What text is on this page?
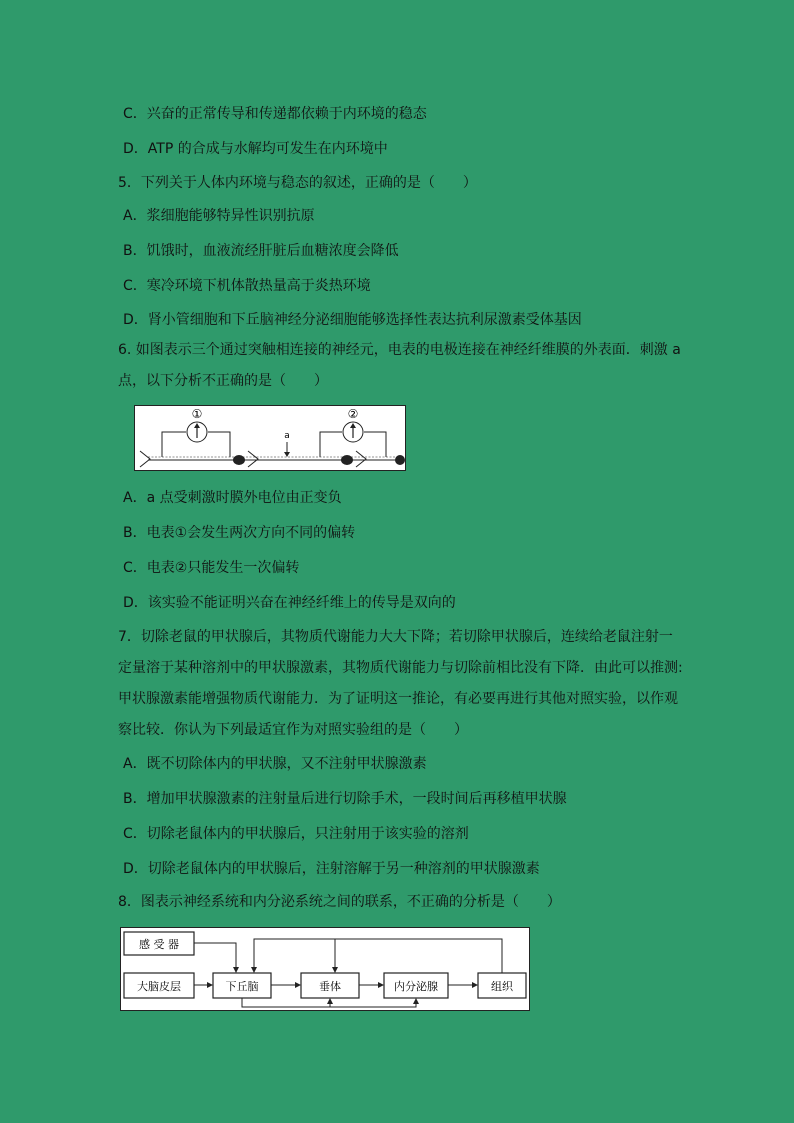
C．兴奋的正常传导和传递都依赖于内环境的稳态
D．ATP 的合成与水解均可发生在内环境中
5．下列关于人体内环境与稳态的叙述，正确的是（　　）
A．浆细胞能够特异性识别抗原
B．饥饿时，血液流经肝脏后血糖浓度会降低
C．寒冷环境下机体散热量高于炎热环境
D．肾小管细胞和下丘脑神经分泌细胞能够选择性表达抗利尿激素受体基因
6. 如图表示三个通过突触相连接的神经元，电表的电极连接在神经纤维膜的外表面．刺激 a
点，以下分析不正确的是（　　）
①	②
a
A．a 点受刺激时膜外电位由正变负
B．电表①会发生两次方向不同的偏转
C．电表②只能发生一次偏转
D．该实验不能证明兴奋在神经纤维上的传导是双向的
7．切除老鼠的甲状腺后，其物质代谢能力大大下降；若切除甲状腺后，连续给老鼠注射一
定量溶于某种溶剂中的甲状腺激素，其物质代谢能力与切除前相比没有下降．由此可以推测:
甲状腺激素能增强物质代谢能力．为了证明这一推论，有必要再进行其他对照实验，以作观
察比较．你认为下列最适宜作为对照实验组的是（　　）
A．既不切除体内的甲状腺，又不注射甲状腺激素
B．增加甲状腺激素的注射量后进行切除手术，一段时间后再移植甲状腺
C．切除老鼠体内的甲状腺后，只注射用于该实验的溶剂
D．切除老鼠体内的甲状腺后，注射溶解于另一种溶剂的甲状腺激素
8．图表示神经系统和内分泌系统之间的联系，不正确的分析是（　　）
感 受 器
大脑皮层	下丘脑	垂体	内分泌腺	组织
